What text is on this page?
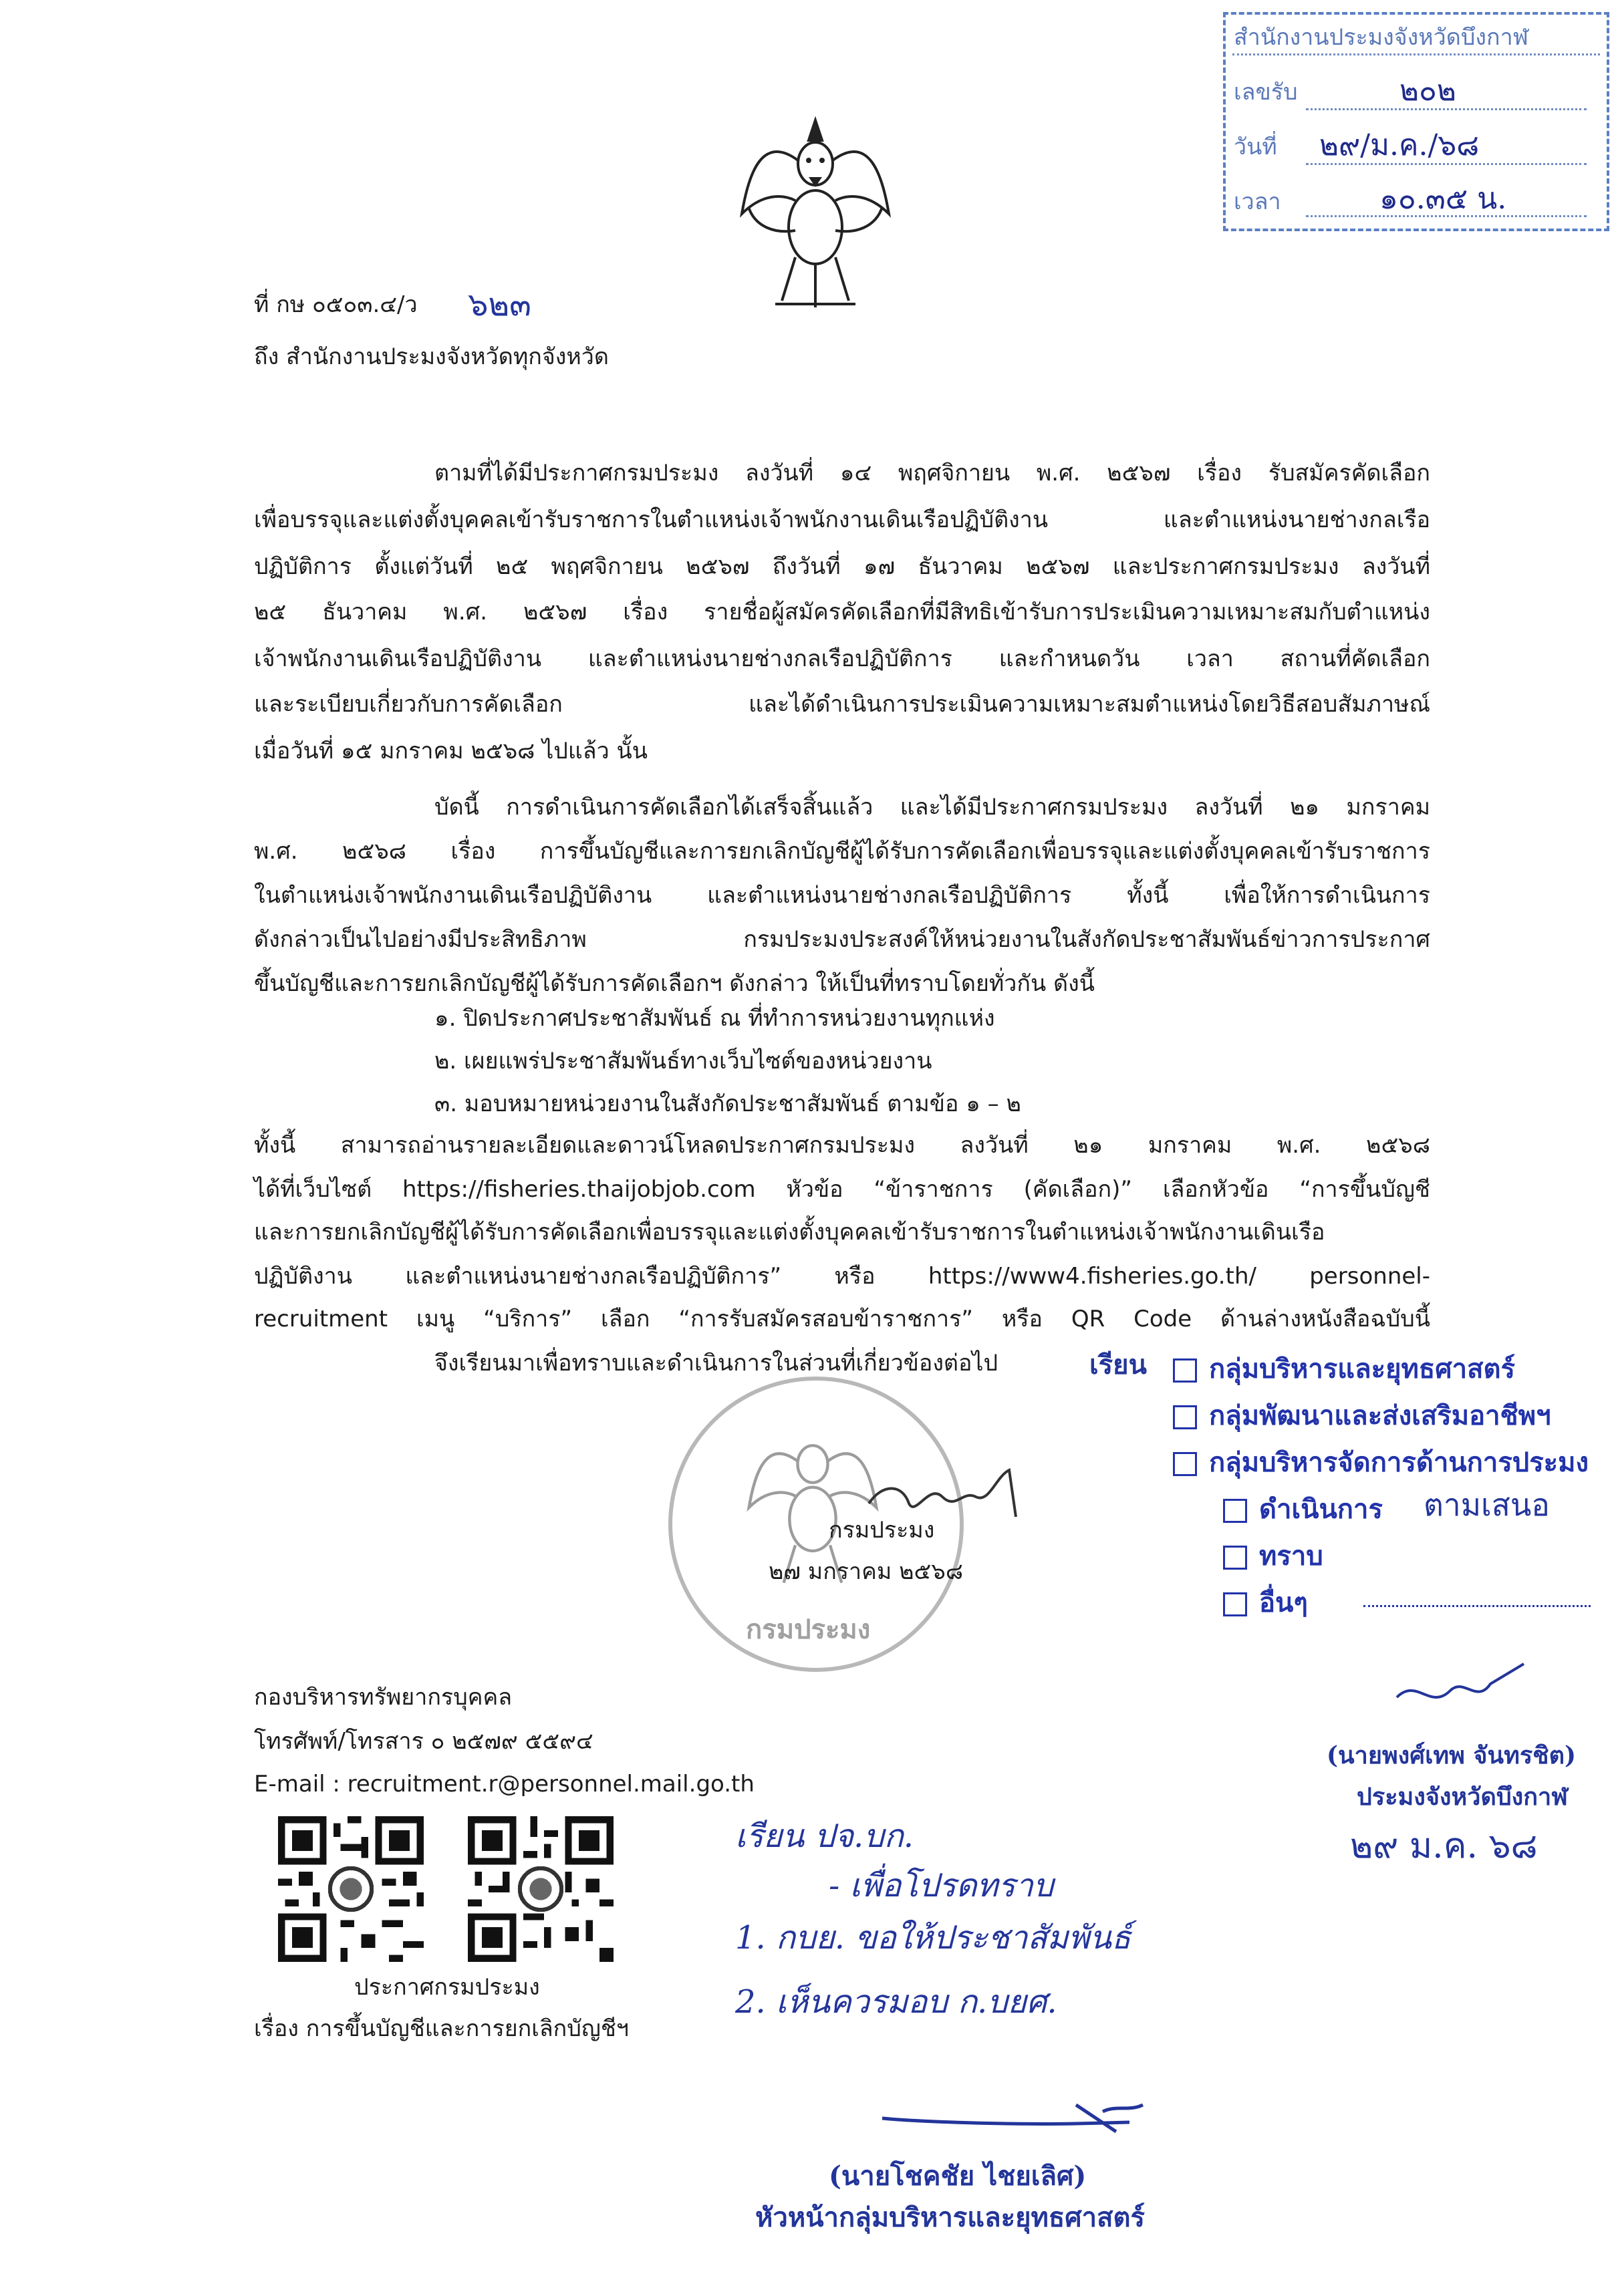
สำนักงานประมงจังหวัดบึงกาฬ
เลขรับ	๒๐๒
วันที่ ๒๙/ม.ค./๖๘
เวลา	๑๐.๓๕ น.
ที่ กษ ๐๕๐๓.๔/ว ๖๒๓
ถึง สำนักงานประมงจังหวัดทุกจังหวัด
ตามที่ได้มีประกาศกรมประมง ลงวันที่ ๑๔ พฤศจิกายน พ.ศ. ๒๕๖๗ เรื่อง รับสมัครคัดเลือก
เพื่อบรรจุและแต่งตั้งบุคคลเข้ารับราชการในตำแหน่งเจ้าพนักงานเดินเรือปฏิบัติงาน และตำแหน่งนายช่างกลเรือ
ปฏิบัติการ ตั้งแต่วันที่ ๒๕ พฤศจิกายน ๒๕๖๗ ถึงวันที่ ๑๗ ธันวาคม ๒๕๖๗ และประกาศกรมประมง ลงวันที่
๒๕ ธันวาคม พ.ศ. ๒๕๖๗ เรื่อง รายชื่อผู้สมัครคัดเลือกที่มีสิทธิเข้ารับการประเมินความเหมาะสมกับตำแหน่ง
เจ้าพนักงานเดินเรือปฏิบัติงาน และตำแหน่งนายช่างกลเรือปฏิบัติการ และกำหนดวัน เวลา สถานที่คัดเลือก
และระเบียบเกี่ยวกับการคัดเลือก และได้ดำเนินการประเมินความเหมาะสมตำแหน่งโดยวิธีสอบสัมภาษณ์
เมื่อวันที่ ๑๕ มกราคม ๒๕๖๘ ไปแล้ว นั้น
บัดนี้ การดำเนินการคัดเลือกได้เสร็จสิ้นแล้ว และได้มีประกาศกรมประมง ลงวันที่ ๒๑ มกราคม
พ.ศ. ๒๕๖๘ เรื่อง การขึ้นบัญชีและการยกเลิกบัญชีผู้ได้รับการคัดเลือกเพื่อบรรจุและแต่งตั้งบุคคลเข้ารับราชการ
ในตำแหน่งเจ้าพนักงานเดินเรือปฏิบัติงาน และตำแหน่งนายช่างกลเรือปฏิบัติการ ทั้งนี้ เพื่อให้การดำเนินการ
ดังกล่าวเป็นไปอย่างมีประสิทธิภาพ กรมประมงประสงค์ให้หน่วยงานในสังกัดประชาสัมพันธ์ข่าวการประกาศ
ขึ้นบัญชีและการยกเลิกบัญชีผู้ได้รับการคัดเลือกฯ ดังกล่าว ให้เป็นที่ทราบโดยทั่วกัน ดังนี้
๑. ปิดประกาศประชาสัมพันธ์ ณ ที่ทำการหน่วยงานทุกแห่ง
๒. เผยแพร่ประชาสัมพันธ์ทางเว็บไซต์ของหน่วยงาน
๓. มอบหมายหน่วยงานในสังกัดประชาสัมพันธ์ ตามข้อ ๑ – ๒
ทั้งนี้ สามารถอ่านรายละเอียดและดาวน์โหลดประกาศกรมประมง ลงวันที่ ๒๑ มกราคม พ.ศ. ๒๕๖๘
ได้ที่เว็บไซต์ https://fisheries.thaijobjob.com หัวข้อ “ข้าราชการ (คัดเลือก)” เลือกหัวข้อ “การขึ้นบัญชี
และการยกเลิกบัญชีผู้ได้รับการคัดเลือกเพื่อบรรจุและแต่งตั้งบุคคลเข้ารับราชการในตำแหน่งเจ้าพนักงานเดินเรือ
ปฏิบัติงาน และตำแหน่งนายช่างกลเรือปฏิบัติการ” หรือ https://www4.fisheries.go.th/ personnel-
recruitment เมนู “บริการ” เลือก “การรับสมัครสอบข้าราชการ” หรือ QR Code ด้านล่างหนังสือฉบับนี้
จึงเรียนมาเพื่อทราบและดำเนินการในส่วนที่เกี่ยวข้องต่อไป
กรมประมง
กรมประมง
๒๗ มกราคม ๒๕๖๘
เรียน	กลุ่มบริหารและยุทธศาสตร์
กลุ่มพัฒนาและส่งเสริมอาชีพฯ
กลุ่มบริหารจัดการด้านการประมง
ดำเนินการ ตามเสนอ
ทราบ
อื่นๆ
(นายพงศ์เทพ จันทรชิต)
ประมงจังหวัดบึงกาฬ
๒๙ ม.ค. ๖๘
กองบริหารทรัพยากรบุคคล
โทรศัพท์/โทรสาร ๐ ๒๕๗๙ ๕๕๙๔
E-mail : recruitment.r@personnel.mail.go.th
ประกาศกรมประมง
เรื่อง การขึ้นบัญชีและการยกเลิกบัญชีฯ
เรียน ปจ.บก.
- เพื่อโปรดทราบ
1. กบย. ขอให้ประชาสัมพันธ์
2. เห็นควรมอบ ก.บยศ.
(นายโชคชัย ไชยเลิศ)
หัวหน้ากลุ่มบริหารและยุทธศาสตร์
